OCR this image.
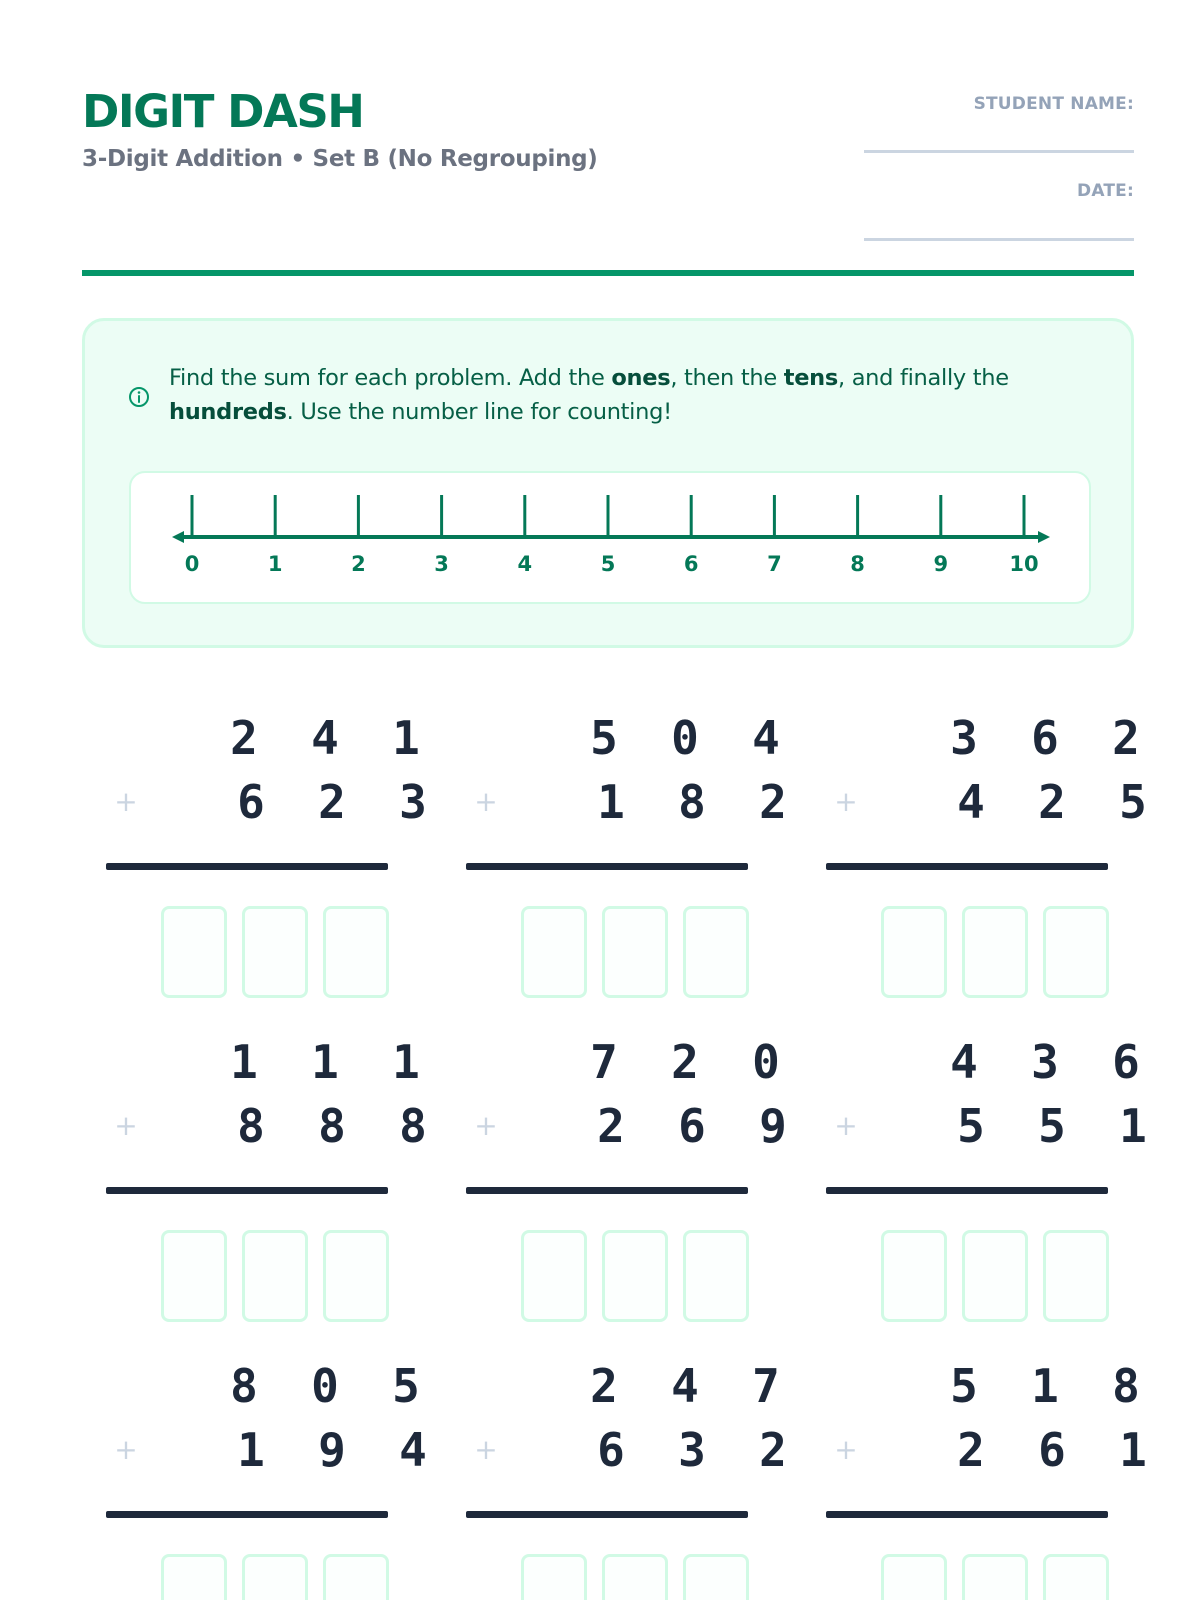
DIGIT DASH
3-Digit Addition • Set B (No Regrouping)
STUDENT NAME:
DATE:
Find the sum for each problem. Add the ones, then the tens, and finally the hundreds. Use the number line for counting!
0	1	2	3	4	5	6	7	8	9	10
2	4	1
+	6	2	3
5	0	4
+	1	8	2
3	6	2
+	4	2	5
1	1	1
+	8	8	8
7	2	0
+	2	6	9
4	3	6
+	5	5	1
8	0	5
+	1	9	4
2	4	7
+	6	3	2
5	1	8
+	2	6	1
